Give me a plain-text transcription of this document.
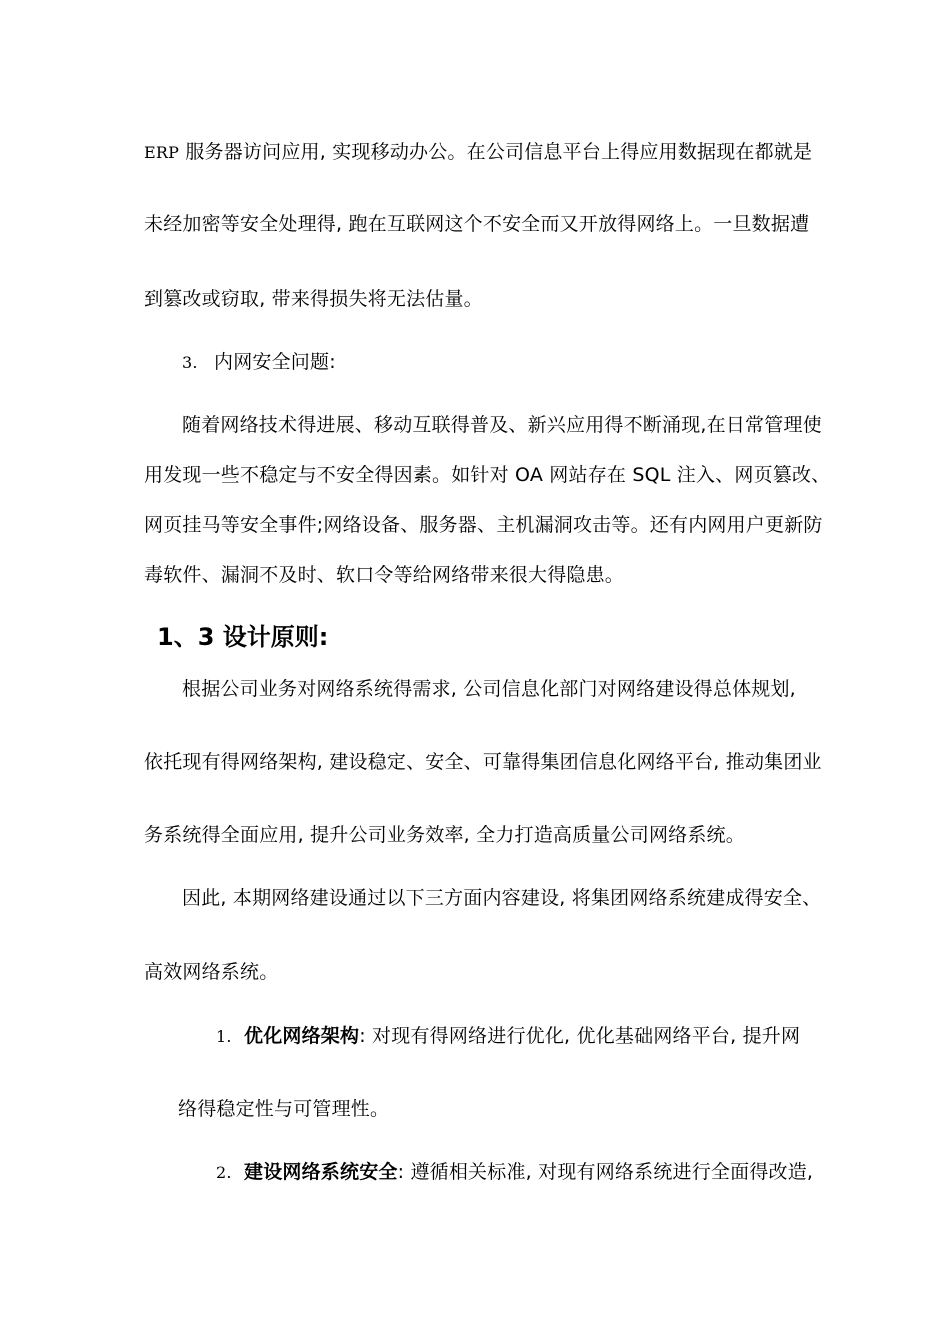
ERP 服务器访问应用, 实现移动办公。在公司信息平台上得应用数据现在都就是
未经加密等安全处理得, 跑在互联网这个不安全而又开放得网络上。一旦数据遭
到篡改或窃取, 带来得损失将无法估量。
3. 内网安全问题:
随着网络技术得进展、移动互联得普及、新兴应用得不断涌现,在日常管理使
用发现一些不稳定与不安全得因素。如针对 OA 网站存在 SQL 注入、网页篡改、
网页挂马等安全事件;网络设备、服务器、主机漏洞攻击等。还有内网用户更新防
毒软件、漏洞不及时、软口令等给网络带来很大得隐患。
1、3 设计原则:
根据公司业务对网络系统得需求, 公司信息化部门对网络建设得总体规划,
依托现有得网络架构, 建设稳定、安全、可靠得集团信息化网络平台, 推动集团业
务系统得全面应用, 提升公司业务效率, 全力打造高质量公司网络系统。
因此, 本期网络建设通过以下三方面内容建设, 将集团网络系统建成得安全、
高效网络系统。
1. 优化网络架构: 对现有得网络进行优化, 优化基础网络平台, 提升网
络得稳定性与可管理性。
2. 建设网络系统安全: 遵循相关标准, 对现有网络系统进行全面得改造,
